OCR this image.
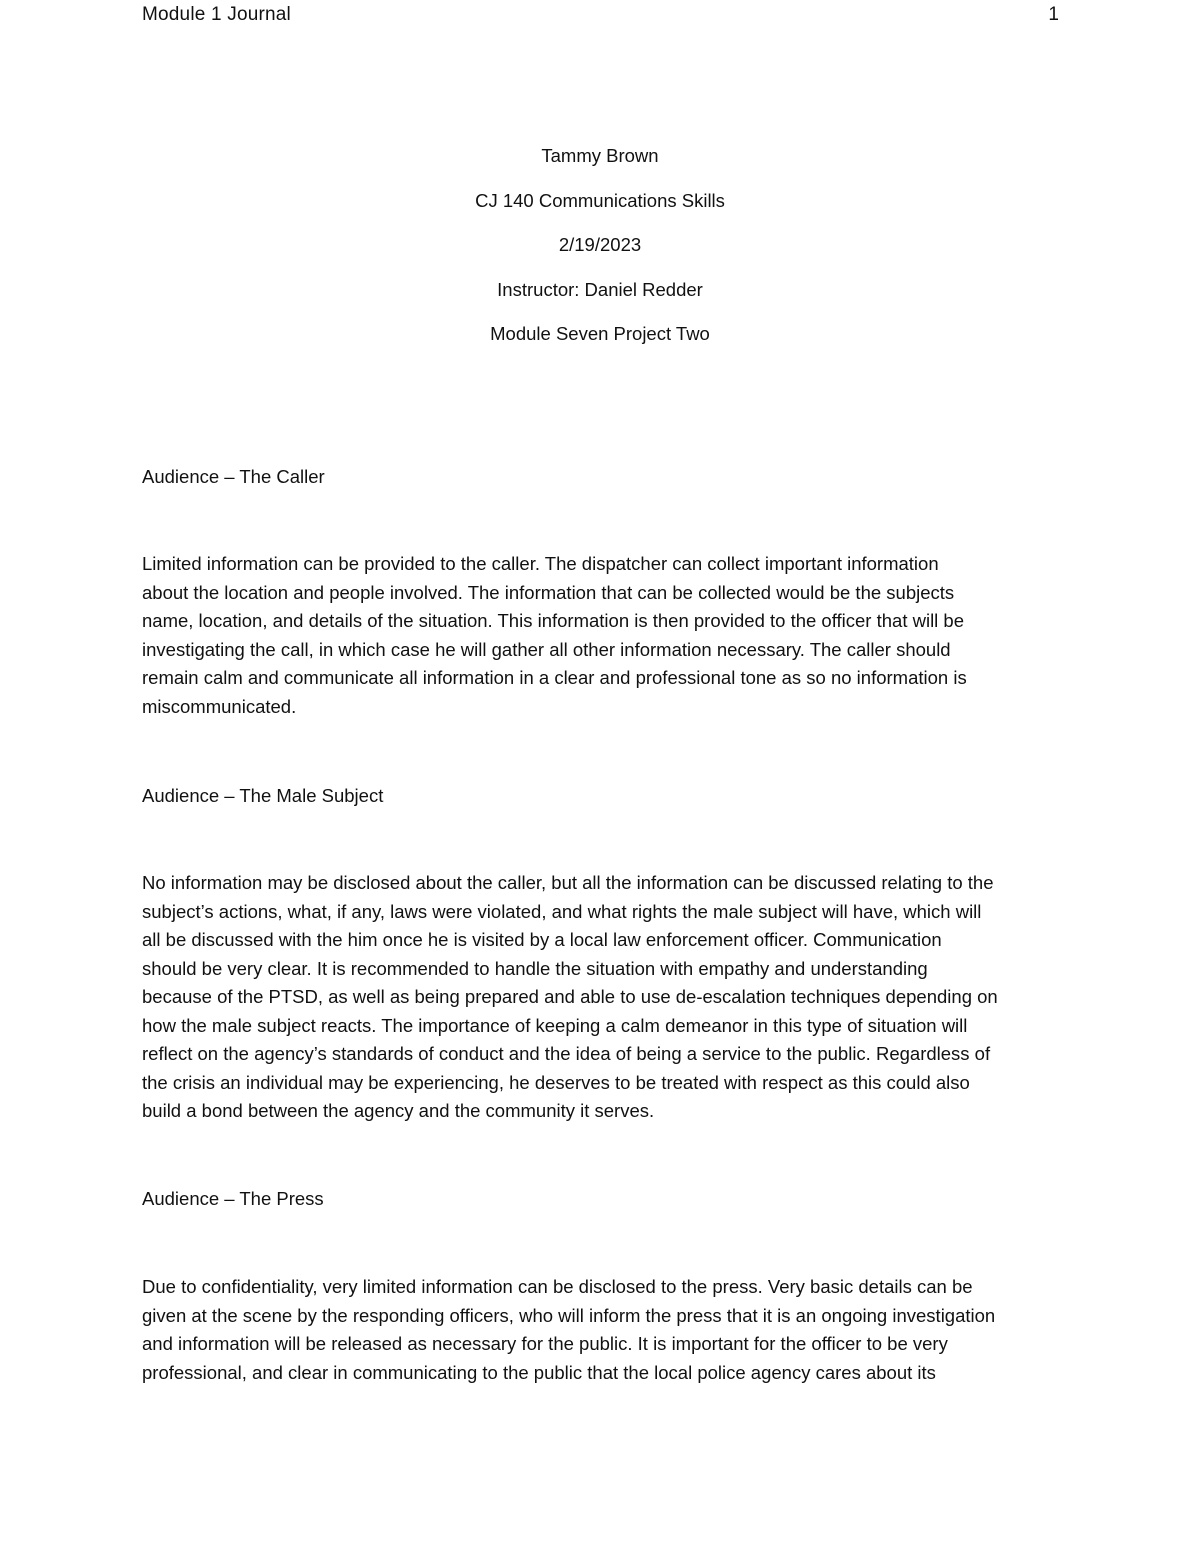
Module 1 Journal	1
Tammy Brown
CJ 140 Communications Skills
2/19/2023
Instructor: Daniel Redder
Module Seven Project Two
Audience – The Caller
Limited information can be provided to the caller. The dispatcher can collect important information
about the location and people involved. The information that can be collected would be the subjects
name, location, and details of the situation. This information is then provided to the officer that will be
investigating the call, in which case he will gather all other information necessary. The caller should
remain calm and communicate all information in a clear and professional tone as so no information is
miscommunicated.
Audience – The Male Subject
No information may be disclosed about the caller, but all the information can be discussed relating to the
subject’s actions, what, if any, laws were violated, and what rights the male subject will have, which will
all be discussed with the him once he is visited by a local law enforcement officer. Communication
should be very clear. It is recommended to handle the situation with empathy and understanding
because of the PTSD, as well as being prepared and able to use de-escalation techniques depending on
how the male subject reacts. The importance of keeping a calm demeanor in this type of situation will
reflect on the agency’s standards of conduct and the idea of being a service to the public. Regardless of
the crisis an individual may be experiencing, he deserves to be treated with respect as this could also
build a bond between the agency and the community it serves.
Audience – The Press
Due to confidentiality, very limited information can be disclosed to the press. Very basic details can be
given at the scene by the responding officers, who will inform the press that it is an ongoing investigation
and information will be released as necessary for the public. It is important for the officer to be very
professional, and clear in communicating to the public that the local police agency cares about its
